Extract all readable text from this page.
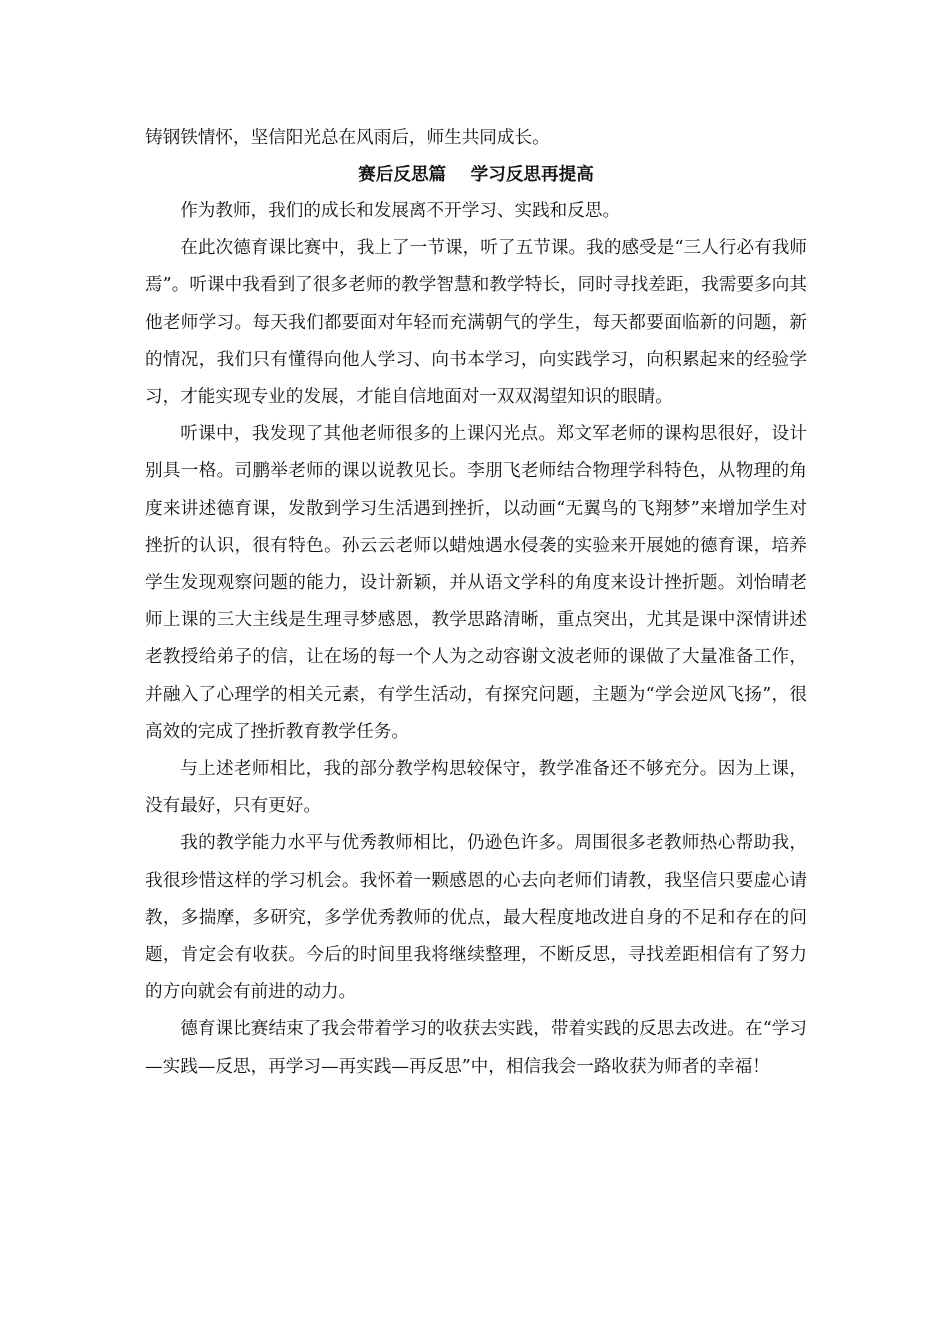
铸钢铁情怀，坚信阳光总在风雨后，师生共同成长。

赛后反思篇    学习反思再提高

作为教师，我们的成长和发展离不开学习、实践和反思。

在此次德育课比赛中，我上了一节课，听了五节课。我的感受是“三人行必有我师焉”。听课中我看到了很多老师的教学智慧和教学特长，同时寻找差距，我需要多向其他老师学习。每天我们都要面对年轻而充满朝气的学生，每天都要面临新的问题，新的情况，我们只有懂得向他人学习、向书本学习，向实践学习，向积累起来的经验学习，才能实现专业的发展，才能自信地面对一双双渴望知识的眼睛。

听课中，我发现了其他老师很多的上课闪光点。郑文军老师的课构思很好，设计别具一格。司鹏举老师的课以说教见长。李朋飞老师结合物理学科特色，从物理的角度来讲述德育课，发散到学习生活遇到挫折，以动画“无翼鸟的飞翔梦”来增加学生对挫折的认识，很有特色。孙云云老师以蜡烛遇水侵袭的实验来开展她的德育课，培养学生发现观察问题的能力，设计新颖，并从语文学科的角度来设计挫折题。刘怡晴老师上课的三大主线是生理寻梦感恩，教学思路清晰，重点突出，尤其是课中深情讲述老教授给弟子的信，让在场的每一个人为之动容谢文波老师的课做了大量准备工作，并融入了心理学的相关元素，有学生活动，有探究问题，主题为“学会逆风飞扬”，很高效的完成了挫折教育教学任务。

与上述老师相比，我的部分教学构思较保守，教学准备还不够充分。因为上课，没有最好，只有更好。

我的教学能力水平与优秀教师相比，仍逊色许多。周围很多老教师热心帮助我，我很珍惜这样的学习机会。我怀着一颗感恩的心去向老师们请教，我坚信只要虚心请教，多揣摩，多研究，多学优秀教师的优点，最大程度地改进自身的不足和存在的问题，肯定会有收获。今后的时间里我将继续整理，不断反思，寻找差距相信有了努力的方向就会有前进的动力。

德育课比赛结束了我会带着学习的收获去实践，带着实践的反思去改进。在“学习—实践—反思，再学习—再实践—再反思”中，相信我会一路收获为师者的幸福！
